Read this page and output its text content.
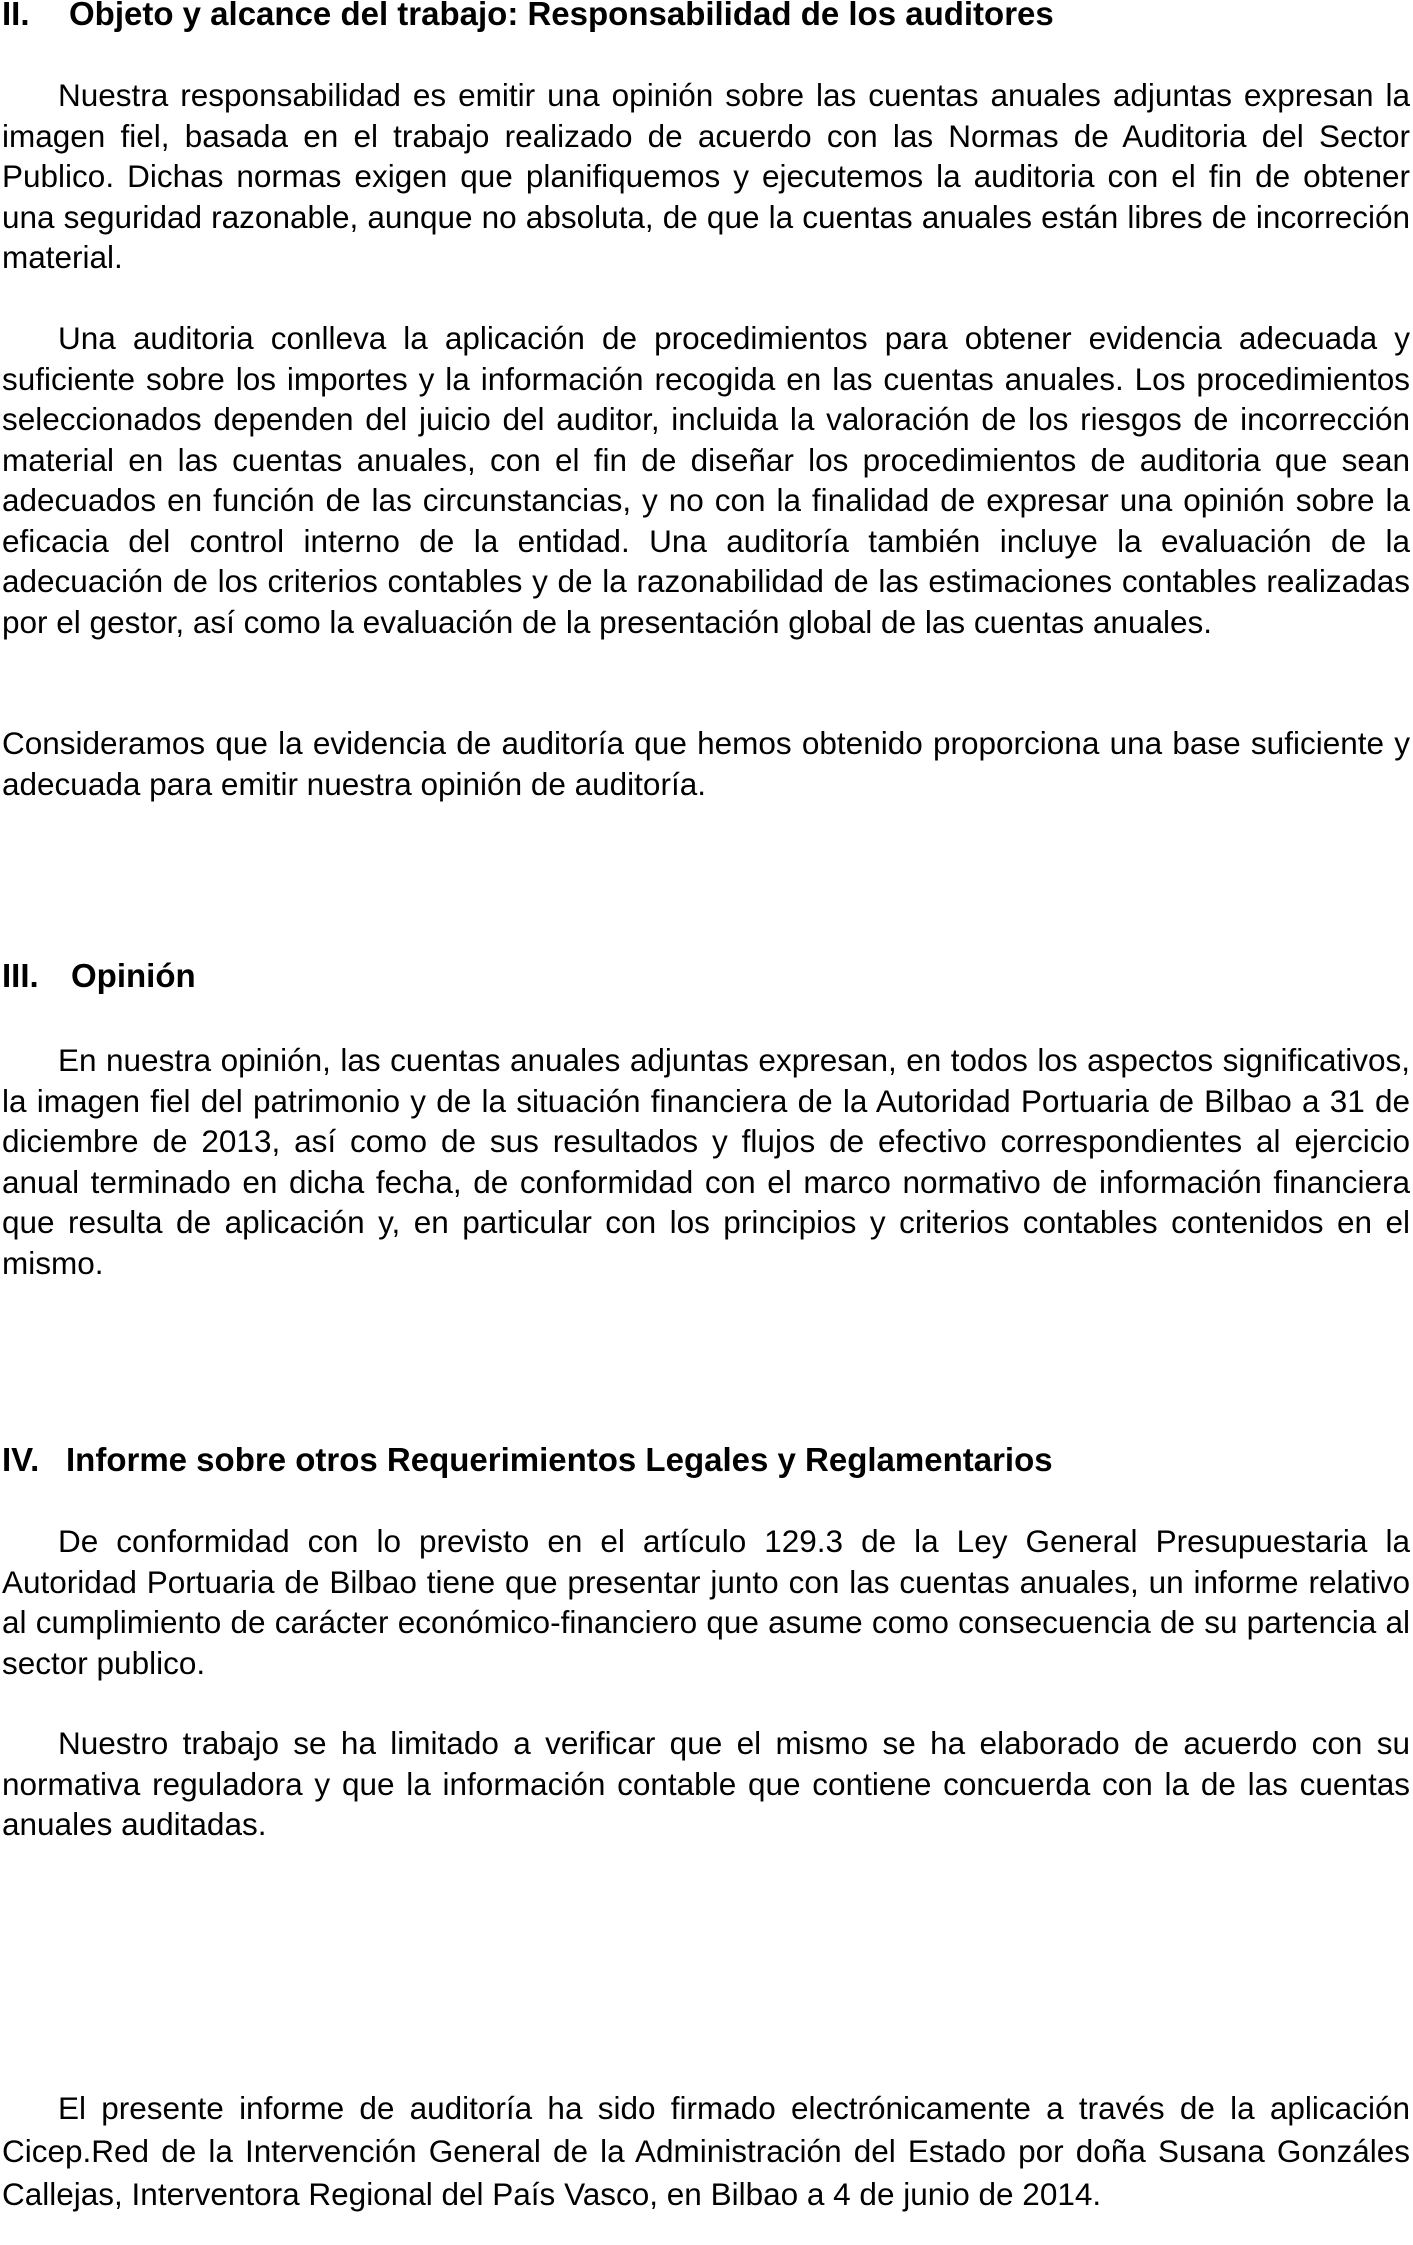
II. Objeto y alcance del trabajo: Responsabilidad de los auditores

Nuestra responsabilidad es emitir una opinión sobre las cuentas anuales adjuntas expresan la imagen fiel, basada en el trabajo realizado de acuerdo con las Normas de Auditoria del Sector Publico. Dichas normas exigen que planifiquemos y ejecutemos la auditoria con el fin de obtener una seguridad razonable, aunque no absoluta, de que la cuentas anuales están libres de incorreción material.

Una auditoria conlleva la aplicación de procedimientos para obtener evidencia adecuada y suficiente sobre los importes y la información recogida en las cuentas anuales. Los procedimientos seleccionados dependen del juicio del auditor, incluida la valoración de los riesgos de incorrección material en las cuentas anuales, con el fin de diseñar los procedimientos de auditoria que sean adecuados en función de las circunstancias, y no con la finalidad de expresar una opinión sobre la eficacia del control interno de la entidad. Una auditoría también incluye la evaluación de la adecuación de los criterios contables y de la razonabilidad de las estimaciones contables realizadas por el gestor, así como la evaluación de la presentación global de las cuentas anuales.

Consideramos que la evidencia de auditoría que hemos obtenido proporciona una base suficiente y adecuada para emitir nuestra opinión de auditoría.

III. Opinión

En nuestra opinión, las cuentas anuales adjuntas expresan, en todos los aspectos significativos, la imagen fiel del patrimonio y de la situación financiera de la Autoridad Portuaria de Bilbao a 31 de diciembre de 2013, así como de sus resultados y flujos de efectivo correspondientes al ejercicio anual terminado en dicha fecha, de conformidad con el marco normativo de información financiera que resulta de aplicación y, en particular con los principios y criterios contables contenidos en el mismo.

IV. Informe sobre otros Requerimientos Legales y Reglamentarios

De conformidad con lo previsto en el artículo 129.3 de la Ley General Presupuestaria la Autoridad Portuaria de Bilbao tiene que presentar junto con las cuentas anuales, un informe relativo al cumplimiento de carácter económico-financiero que asume como consecuencia de su partencia al sector publico.

Nuestro trabajo se ha limitado a verificar que el mismo se ha elaborado de acuerdo con su normativa reguladora y que la información contable que contiene concuerda con la de las cuentas anuales auditadas.

El presente informe de auditoría ha sido firmado electrónicamente a través de la aplicación Cicep.Red de la Intervención General de la Administración del Estado por doña Susana Gonzáles Callejas, Interventora Regional del País Vasco, en Bilbao a 4 de junio de 2014.
